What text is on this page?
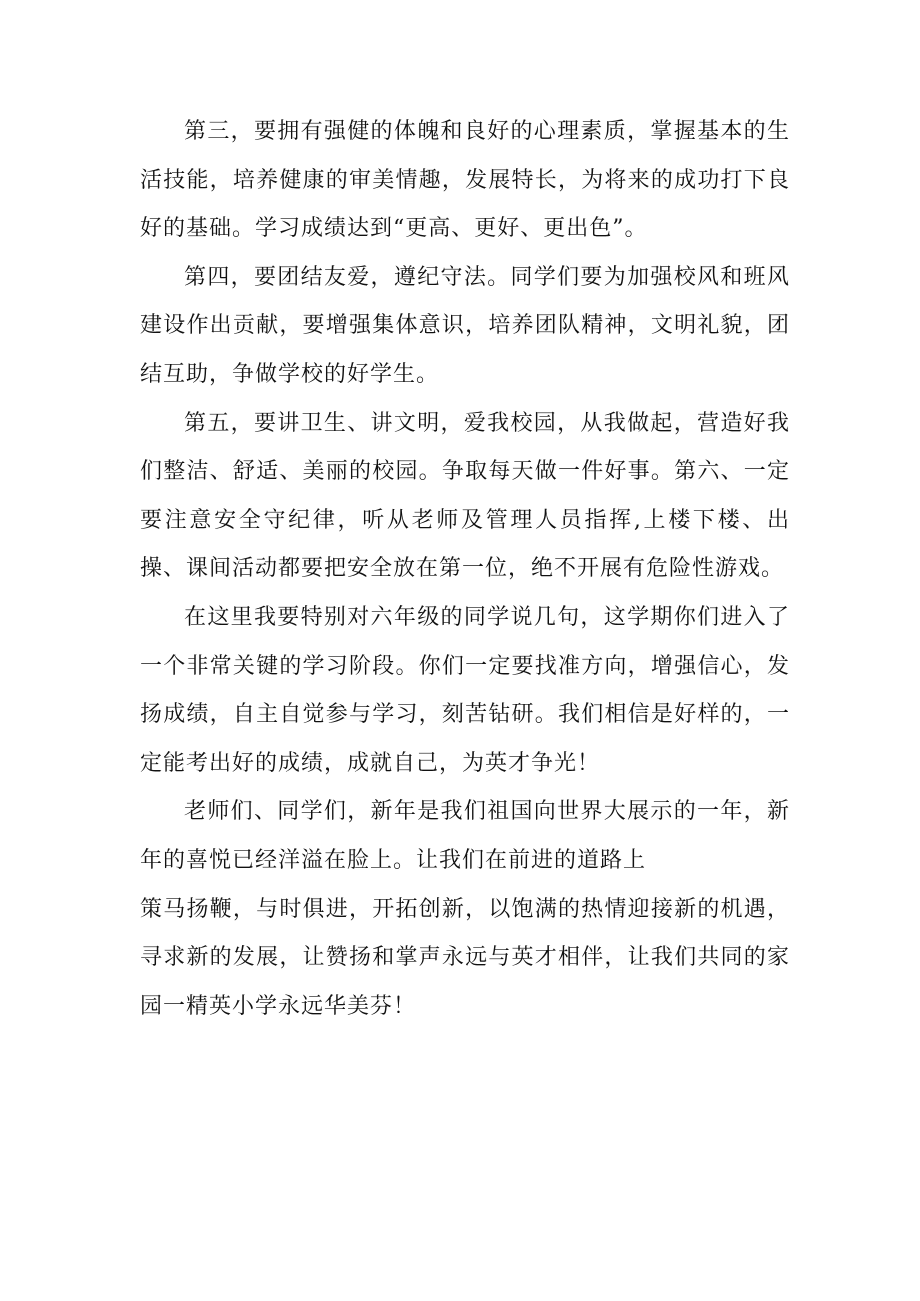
第三，要拥有强健的体魄和良好的心理素质，掌握基本的生活技能，培养健康的审美情趣，发展特长，为将来的成功打下良好的基础。学习成绩达到“更高、更好、更出色”。

第四，要团结友爱，遵纪守法。同学们要为加强校风和班风建设作出贡献，要增强集体意识，培养团队精神，文明礼貌，团结互助，争做学校的好学生。

第五，要讲卫生、讲文明，爱我校园，从我做起，营造好我们整洁、舒适、美丽的校园。争取每天做一件好事。第六、一定要注意安全守纪律，听从老师及管理人员指挥,上楼下楼、出操、课间活动都要把安全放在第一位，绝不开展有危险性游戏。

在这里我要特别对六年级的同学说几句，这学期你们进入了一个非常关键的学习阶段。你们一定要找准方向，增强信心，发扬成绩，自主自觉参与学习，刻苦钻研。我们相信是好样的，一定能考出好的成绩，成就自己，为英才争光！

老师们、同学们，新年是我们祖国向世界大展示的一年，新年的喜悦已经洋溢在脸上。让我们在前进的道路上

策马扬鞭，与时俱进，开拓创新，以饱满的热情迎接新的机遇，寻求新的发展，让赞扬和掌声永远与英才相伴，让我们共同的家园一精英小学永远华美芬！
